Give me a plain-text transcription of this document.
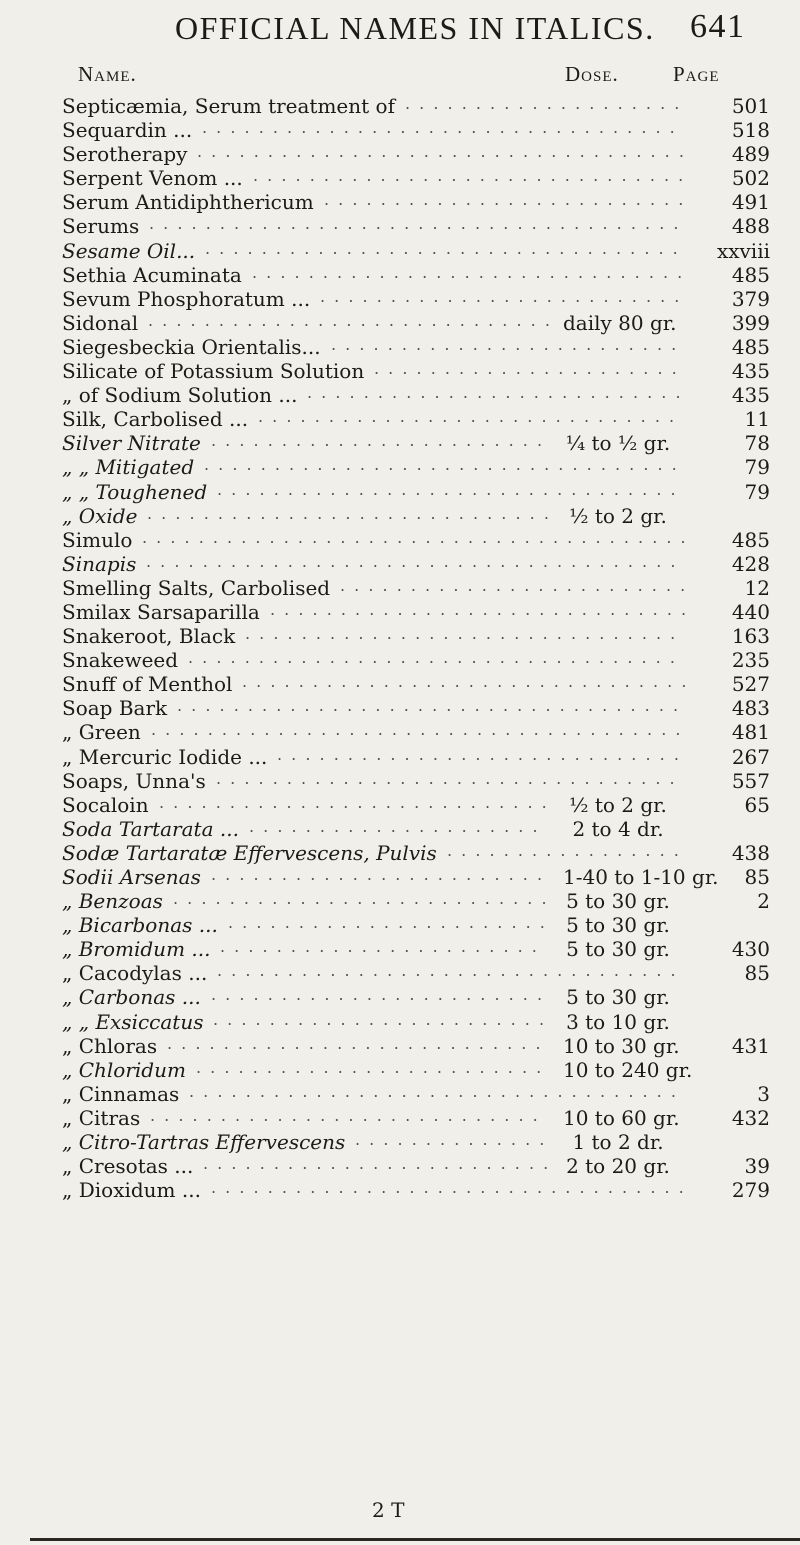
OFFICIAL NAMES IN ITALICS. 641
Name.	Dose.	Page
Septicæmia, Serum treatment of . . . . . . . . . . . . . . . . . . . .	501
Sequardin ... . . . . . . . . . . . . . . . . . . . . . . . . . . . . . . . . . .	518
Serotherapy . . . . . . . . . . . . . . . . . . . . . . . . . . . . . . . . . . .	489
Serpent Venom ... . . . . . . . . . . . . . . . . . . . . . . . . . . . . . . .	502
Serum Antidiphthericum . . . . . . . . . . . . . . . . . . . . . . . . . .	491
Serums . . . . . . . . . . . . . . . . . . . . . . . . . . . . . . . . . . . . . .	488
Sesame Oil... . . . . . . . . . . . . . . . . . . . . . . . . . . . . . . . . . .	xxviii
Sethia Acuminata . . . . . . . . . . . . . . . . . . . . . . . . . . . . . . .	485
Sevum Phosphoratum ... . . . . . . . . . . . . . . . . . . . . . . . . . .	379
Sidonal . . . . . . . . . . . . . . . . . . . . . . . . . . . . . daily 80 gr.	399
Siegesbeckia Orientalis... . . . . . . . . . . . . . . . . . . . . . . . . .	485
Silicate of Potassium Solution . . . . . . . . . . . . . . . . . . . . . .	435
„ of Sodium Solution ... . . . . . . . . . . . . . . . . . . . . . . . . . . .	435
Silk, Carbolised ... . . . . . . . . . . . . . . . . . . . . . . . . . . . . . .	11
Silver Nitrate . . . . . . . . . . . . . . . . . . . . . . . .	¼ to ½ gr.	78
„ „ Mitigated . . . . . . . . . . . . . . . . . . . . . . . . . . . . . . . . . .	79
„ „ Toughened . . . . . . . . . . . . . . . . . . . . . . . . . . . . . . . . .	79
„ Oxide . . . . . . . . . . . . . . . . . . . . . . . . . . . . . ½ to 2 gr.
Simulo . . . . . . . . . . . . . . . . . . . . . . . . . . . . . . . . . . . . . . .	485
Sinapis . . . . . . . . . . . . . . . . . . . . . . . . . . . . . . . . . . . . . .	428
Smelling Salts, Carbolised . . . . . . . . . . . . . . . . . . . . . . . . .	12
Smilax Sarsaparilla . . . . . . . . . . . . . . . . . . . . . . . . . . . . . .	440
Snakeroot, Black . . . . . . . . . . . . . . . . . . . . . . . . . . . . . . .	163
Snakeweed . . . . . . . . . . . . . . . . . . . . . . . . . . . . . . . . . . .	235
Snuff of Menthol . . . . . . . . . . . . . . . . . . . . . . . . . . . . . . . .	527
Soap Bark . . . . . . . . . . . . . . . . . . . . . . . . . . . . . . . . . . . .	483
„ Green . . . . . . . . . . . . . . . . . . . . . . . . . . . . . . . . . . . . . .	481
„ Mercuric Iodide ... . . . . . . . . . . . . . . . . . . . . . . . . . . . . .	267
Soaps, Unna's . . . . . . . . . . . . . . . . . . . . . . . . . . . . . . . . .	557
Socaloin . . . . . . . . . . . . . . . . . . . . . . . . . . . .	½ to 2 gr.	65
Soda Tartarata ... . . . . . . . . . . . . . . . . . . . . .	2 to 4 dr.
Sodæ Tartaratæ Effervescens, Pulvis . . . . . . . . . . . . . . . . .	438
Sodii Arsenas . . . . . . . . . . . . . . . . . . . . . . . . 1-40 to 1-10 gr.	85
„ Benzoas . . . . . . . . . . . . . . . . . . . . . . . . . . . 5 to 30 gr.	2
„ Bicarbonas ... . . . . . . . . . . . . . . . . . . . . . . . 5 to 30 gr.
„ Bromidum ... . . . . . . . . . . . . . . . . . . . . . . .	5 to 30 gr.	430
„ Cacodylas ... . . . . . . . . . . . . . . . . . . . . . . . . . . . . . . . . .	85
„ Carbonas ... . . . . . . . . . . . . . . . . . . . . . . . .	5 to 30 gr.
„ „ Exsiccatus . . . . . . . . . . . . . . . . . . . . . . . .	3 to 10 gr.
„ Chloras . . . . . . . . . . . . . . . . . . . . . . . . . . .	10 to 30 gr.	431
„ Chloridum . . . . . . . . . . . . . . . . . . . . . . . . . 10 to 240 gr.
„ Cinnamas . . . . . . . . . . . . . . . . . . . . . . . . . . . . . . . . . . .	3
„ Citras . . . . . . . . . . . . . . . . . . . . . . . . . . . .	10 to 60 gr.	432
„ Citro-Tartras Effervescens . . . . . . . . . . . . . .	1 to 2 dr.
„ Cresotas ... . . . . . . . . . . . . . . . . . . . . . . . . . 2 to 20 gr.	39
„ Dioxidum ... . . . . . . . . . . . . . . . . . . . . . . . . . . . . . . . . . .	279
2 T
